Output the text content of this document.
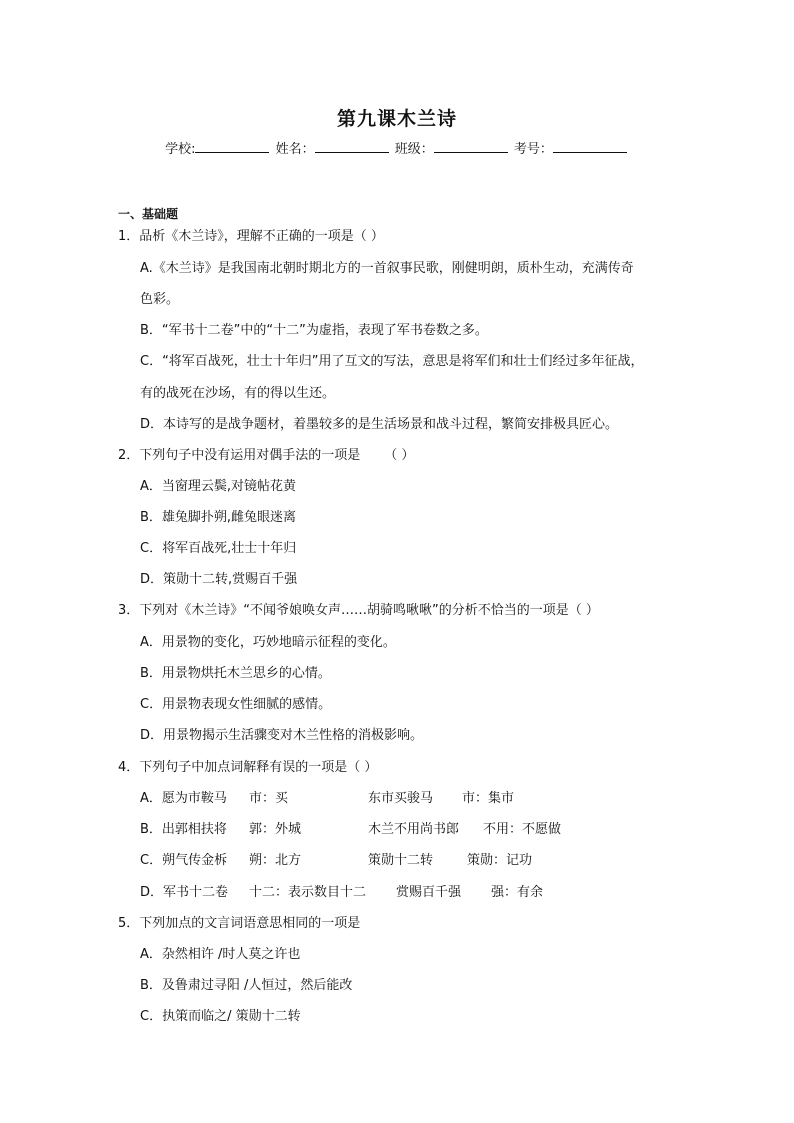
第九课木兰诗
学校:	姓名：	班级：	考号：
一、基础题
1．品析《木兰诗》，理解不正确的一项是（ ）
A.《木兰诗》是我国南北朝时期北方的一首叙事民歌，刚健明朗，质朴生动，充满传奇
色彩。
B．“军书十二卷”中的“十二”为虚指，表现了军书卷数之多。
C．“将军百战死，壮士十年归”用了互文的写法，意思是将军们和壮士们经过多年征战，
有的战死在沙场，有的得以生还。
D．本诗写的是战争题材，着墨较多的是生活场景和战斗过程，繁简安排极具匠心。
2．下列句子中没有运用对偶手法的一项是 （ ）
A．当窗理云鬓,对镜帖花黄
B．雄兔脚扑朔,雌兔眼迷离
C．将军百战死,壮士十年归
D．策勋十二转,赏赐百千强
3．下列对《木兰诗》“不闻爷娘唤女声……胡骑鸣啾啾”的分析不恰当的一项是（ ）
A．用景物的变化，巧妙地暗示征程的变化。
B．用景物烘托木兰思乡的心情。
C．用景物表现女性细腻的感情。
D．用景物揭示生活骤变对木兰性格的消极影响。
4．下列句子中加点词解释有误的一项是（ ）
A．愿为市鞍马 市：买	东市买骏马 市：集市
B．出郭相扶将 郭：外城	木兰不用尚书郎 不用：不愿做
C．朔气传金柝 朔：北方	策勋十二转	策勋：记功
D．军书十二卷 十二：表示数目十二 赏赐百千强 强：有余
5．下列加点的文言词语意思相同的一项是
A．杂然相许 /时人莫之许也
B．及鲁肃过寻阳 /人恒过，然后能改
C．执策而临之/ 策勋十二转
